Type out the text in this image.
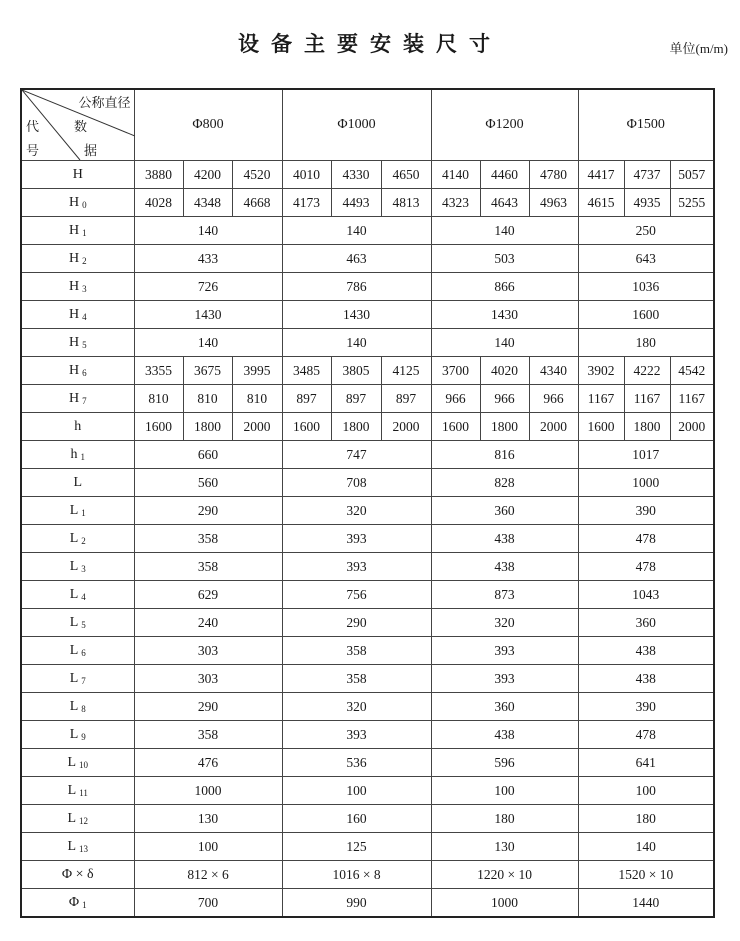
设备主要安装尺寸	单位(m/m)
公称直径
数
据
代
号	Φ800			Φ1000			Φ1200			Φ1500		
H	3880	4200	4520	4010	4330	4650	4140	4460	4780	4417	4737	5057
H $_0$	4028	4348	4668	4173	4493	4813	4323	4643	4963	4615	4935	5255
H $_1$	140			140			140			250		
H $_2$	433			463			503			643		
H $_3$	726			786			866			1036		
H $_4$	1430			1430			1430			1600		
H $_5$	140			140			140			180		
H $_6$	3355	3675	3995	3485	3805	4125	3700	4020	4340	3902	4222	4542
H $_7$	810	810	810	897	897	897	966	966	966	1167	1167	1167
h	1600	1800	2000	1600	1800	2000	1600	1800	2000	1600	1800	2000
h $_1$	660			747			816			1017		
L	560			708			828			1000		
L $_1$	290			320			360			390		
L $_2$	358			393			438			478		
L $_3$	358			393			438			478		
L $_4$	629			756			873			1043		
L $_5$	240			290			320			360		
L $_6$	303			358			393			438		
L $_7$	303			358			393			438		
L $_8$	290			320			360			390		
L $_9$	358			393			438			478		
L $_{10}$	476			536			596			641		
L $_{11}$	1000			100			100			100		
L $_{12}$	130			160			180			180		
L $_{13}$	100			125			130			140		
Φ × δ	812 × 6			1016 × 8			1220 × 10			1520 × 10		
Φ $_1$	700			990			1000			1440		
